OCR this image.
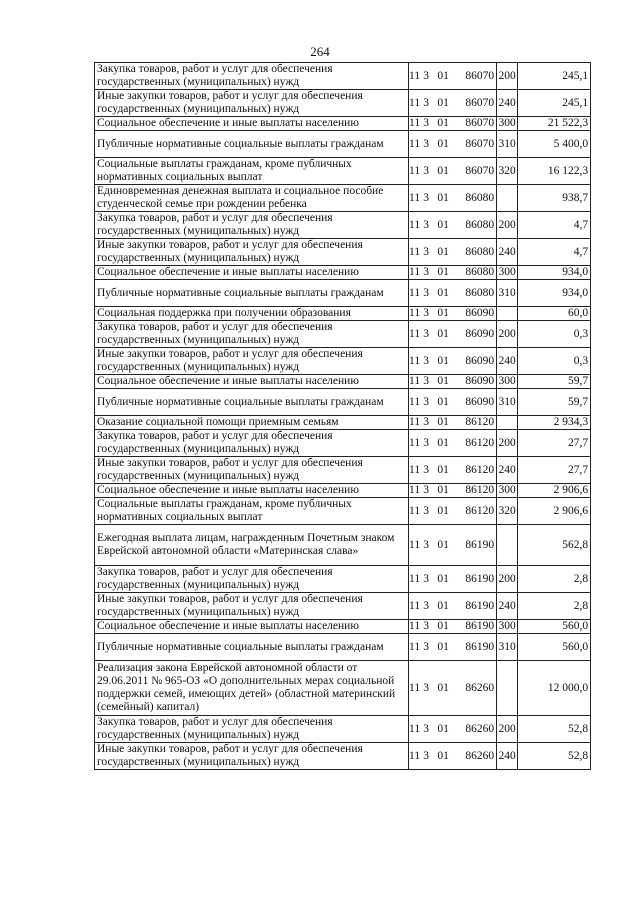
264
Закупка товаров, работ и услуг для обеспечения государственных (муниципальных) нужд	11	3	01	86070	200	245,1
Иные закупки товаров, работ и услуг для обеспечения государственных (муниципальных) нужд	11	3	01	86070	240	245,1
Социальное обеспечение и иные выплаты населению	11	3	01	86070	300	21 522,3
Публичные нормативные социальные выплаты гражданам	11	3	01	86070	310	5 400,0
Социальные выплаты гражданам, кроме публичных нормативных социальных выплат	11	3	01	86070	320	16 122,3
Единовременная денежная выплата и социальное пособие студенческой семье при рождении ребенка	11	3	01	86080		938,7
Закупка товаров, работ и услуг для обеспечения государственных (муниципальных) нужд	11	3	01	86080	200	4,7
Иные закупки товаров, работ и услуг для обеспечения государственных (муниципальных) нужд	11	3	01	86080	240	4,7
Социальное обеспечение и иные выплаты населению	11	3	01	86080	300	934,0
Публичные нормативные социальные выплаты гражданам	11	3	01	86080	310	934,0
Социальная поддержка при получении образования	11	3	01	86090		60,0
Закупка товаров, работ и услуг для обеспечения государственных (муниципальных) нужд	11	3	01	86090	200	0,3
Иные закупки товаров, работ и услуг для обеспечения государственных (муниципальных) нужд	11	3	01	86090	240	0,3
Социальное обеспечение и иные выплаты населению	11	3	01	86090	300	59,7
Публичные нормативные социальные выплаты гражданам	11	3	01	86090	310	59,7
Оказание социальной помощи приемным семьям	11	3	01	86120		2 934,3
Закупка товаров, работ и услуг для обеспечения государственных (муниципальных) нужд	11	3	01	86120	200	27,7
Иные закупки товаров, работ и услуг для обеспечения государственных (муниципальных) нужд	11	3	01	86120	240	27,7
Социальное обеспечение и иные выплаты населению	11	3	01	86120	300	2 906,6
Социальные выплаты гражданам, кроме публичных нормативных социальных выплат	11	3	01	86120	320	2 906,6
Ежегодная выплата лицам, награжденным Почетным знаком Еврейской автономной области «Материнская слава»	11	3	01	86190		562,8
Закупка товаров, работ и услуг для обеспечения государственных (муниципальных) нужд	11	3	01	86190	200	2,8
Иные закупки товаров, работ и услуг для обеспечения государственных (муниципальных) нужд	11	3	01	86190	240	2,8
Социальное обеспечение и иные выплаты населению	11	3	01	86190	300	560,0
Публичные нормативные социальные выплаты гражданам	11	3	01	86190	310	560,0
Реализация закона Еврейской автономной области от 29.06.2011 № 965-ОЗ «О дополнительных мерах социальной поддержки семей, имеющих детей» (областной материнский (семейный) капитал)	11	3	01	86260		12 000,0
Закупка товаров, работ и услуг для обеспечения государственных (муниципальных) нужд	11	3	01	86260	200	52,8
Иные закупки товаров, работ и услуг для обеспечения государственных (муниципальных) нужд	11	3	01	86260	240	52,8
